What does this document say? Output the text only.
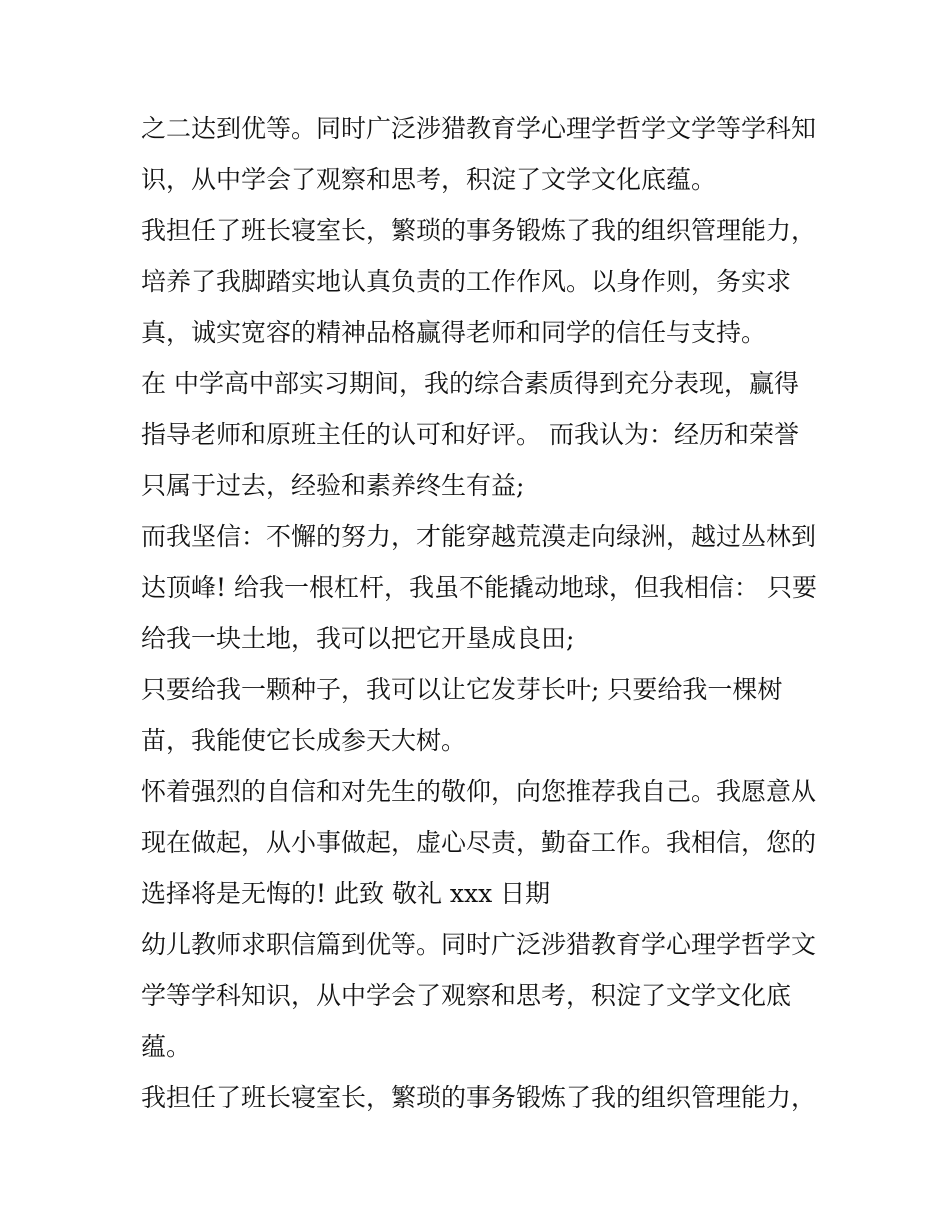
之二达到优等。同时广泛涉猎教育学心理学哲学文学等学科知
识，从中学会了观察和思考，积淀了文学文化底蕴。
我担任了班长寝室长，繁琐的事务锻炼了我的组织管理能力，
培养了我脚踏实地认真负责的工作作风。以身作则，务实求
真，诚实宽容的精神品格赢得老师和同学的信任与支持。
在 中学高中部实习期间，我的综合素质得到充分表现，赢得
指导老师和原班主任的认可和好评。 而我认为：经历和荣誉
只属于过去，经验和素养终生有益;
而我坚信：不懈的努力，才能穿越荒漠走向绿洲，越过丛林到
达顶峰! 给我一根杠杆，我虽不能撬动地球，但我相信： 只要
给我一块土地，我可以把它开垦成良田;
只要给我一颗种子，我可以让它发芽长叶; 只要给我一棵树
苗，我能使它长成参天大树。
怀着强烈的自信和对先生的敬仰，向您推荐我自己。我愿意从
现在做起，从小事做起，虚心尽责，勤奋工作。我相信，您的
选择将是无悔的! 此致 敬礼 xxx 日期
幼儿教师求职信篇到优等。同时广泛涉猎教育学心理学哲学文
学等学科知识，从中学会了观察和思考，积淀了文学文化底
蕴。
我担任了班长寝室长，繁琐的事务锻炼了我的组织管理能力，
